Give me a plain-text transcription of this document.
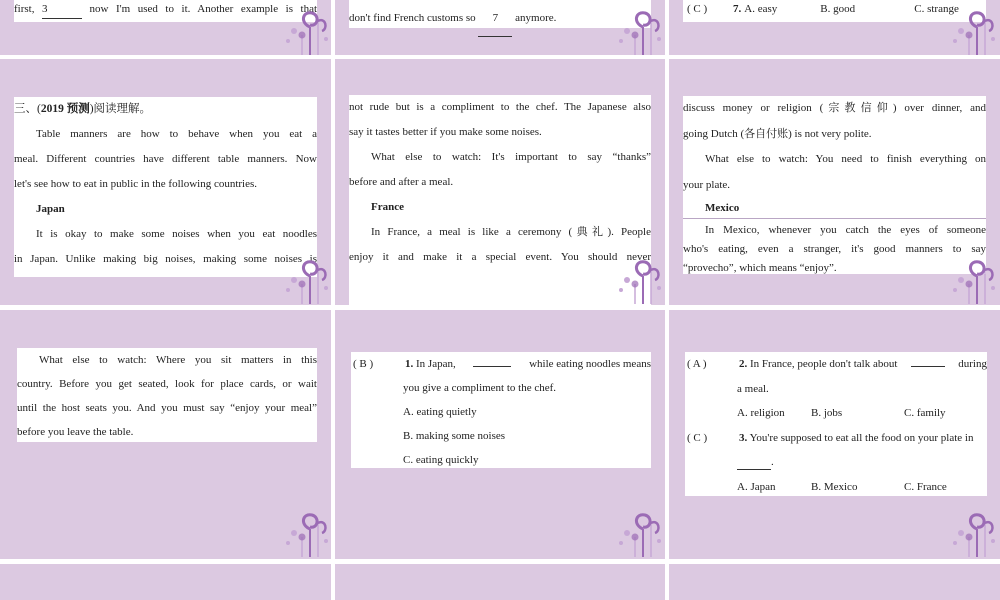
first, 3	now I'm used to it. Another example is that

don't find French customs so 7 anymore.

( C )	7. A. easy	B. good	C. strange

三、(2019 预测)阅读理解。

Table manners are how to behave when you eat a

meal. Different countries have different table manners. Now

let's see how to eat in public in the following countries.

Japan

It is okay to make some noises when you eat noodles

in Japan. Unlike making big noises, making some noises is

not rude but is a compliment to the chef. The Japanese also

say it tastes better if you make some noises.

What else to watch: It's important to say “thanks”

before and after a meal.

France

In France, a meal is like a ceremony (典礼). People

enjoy it and make it a special event. You should never

discuss money or religion (宗教信仰) over dinner, and

going Dutch (各自付账) is not very polite.

What else to watch: You need to finish everything on

your plate.

Mexico

In Mexico, whenever you catch the eyes of someone

who's eating, even a stranger, it's good manners to say

“provecho”, which means “enjoy”.

What else to watch: Where you sit matters in this

country. Before you get seated, look for place cards, or wait

until the host seats you. And you must say “enjoy your meal”

before you leave the table.

( B )	1. In Japan,	while eating noodles means

you give a compliment to the chef.

A. eating quietly

B. making some noises

C. eating quickly

( A )	2. In France, people don't talk about	during

a meal.

A. religion	B. jobs	C. family
( C )	3. You're supposed to eat all the food on your plate in

.

A. Japan	B. Mexico	C. France
